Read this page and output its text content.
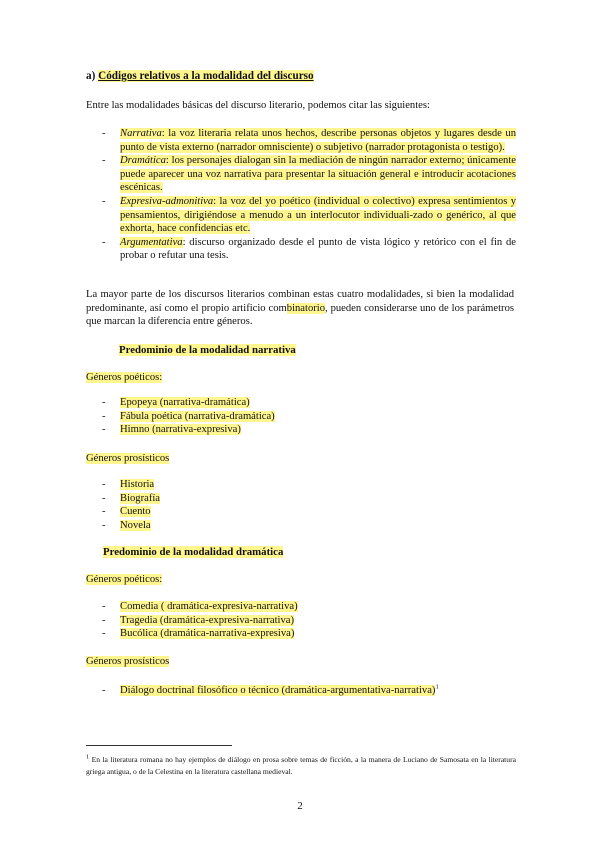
a) Códigos relativos a la modalidad del discurso
Entre las modalidades básicas del discurso literario, podemos citar las siguientes:
- Narrativa: la voz literaria relata unos hechos, describe personas objetos y lugares desde un punto de vista externo (narrador omnisciente) o subjetivo (narrador protagonista o testigo).
- Dramática: los personajes dialogan sin la mediación de ningún narrador externo; únicamente puede aparecer una voz narrativa para presentar la situación general e introducir acotaciones escénicas.
- Expresiva-admonitiva: la voz del yo poético (individual o colectivo) expresa sentimientos y pensamientos, dirigiéndose a menudo a un interlocutor individuali-zado o genérico, al que exhorta, hace confidencias etc.
- Argumentativa: discurso organizado desde el punto de vista lógico y retórico con el fin de probar o refutar una tesis.
La mayor parte de los discursos literarios combinan estas cuatro modalidades, si bien la modalidad predominante, así como el propio artificio combinatorio, pueden considerarse uno de los parámetros que marcan la diferencia entre géneros.
Predominio de la modalidad narrativa
Géneros poéticos:
- Epopeya (narrativa-dramática)
- Fábula poética (narrativa-dramática)
- Himno (narrativa-expresiva)
Géneros prosísticos
- Historia
- Biografía
- Cuento
- Novela
Predominio de la modalidad dramática
Géneros poéticos:
- Comedia ( dramática-expresiva-narrativa)
- Tragedia (dramática-expresiva-narrativa)
- Bucólica (dramática-narrativa-expresiva)
Géneros prosísticos
- Diálogo doctrinal filosófico o técnico (dramática-argumentativa-narrativa)$^1$
$^1$ En la literatura romana no hay ejemplos de diálogo en prosa sobre temas de ficción, a la manera de Luciano de Samosata en la literatura griega antigua, o de la Celestina en la literatura castellana medieval.
2
